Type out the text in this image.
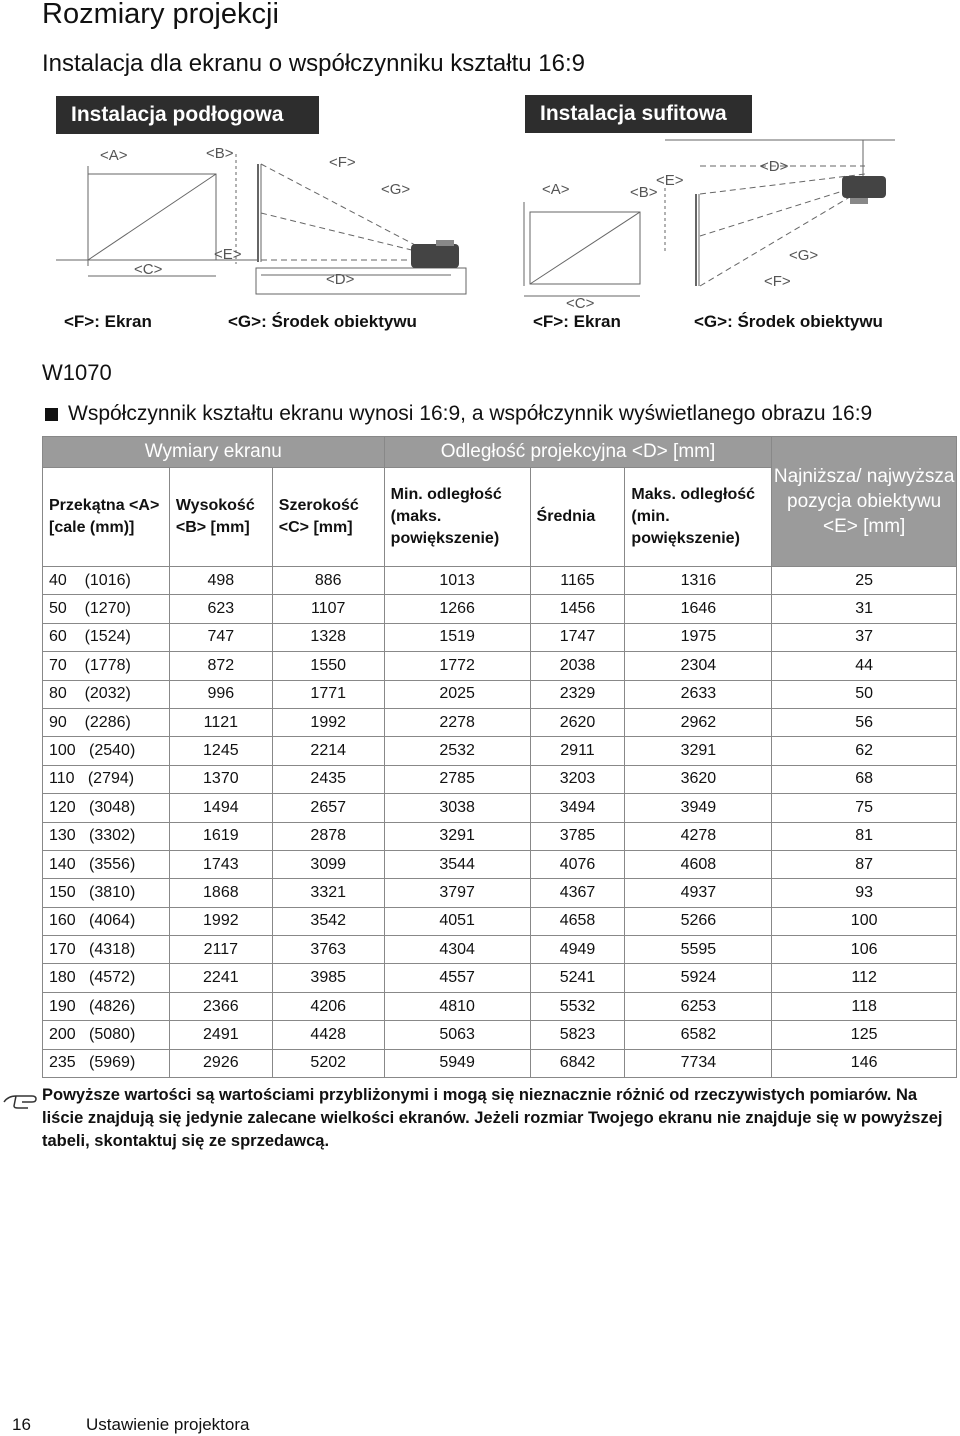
Rozmiary projekcji
Instalacja dla ekranu o współczynniku kształtu 16:9
Instalacja podłogowa	Instalacja sufitowa
<A>	<B>
<F>
<G>
<C>
<E>
<D>
<A>	<B>
<E>
<D>
<G>
<F>
<C>
<F>: Ekran	<G>: Środek obiektywu	<F>: Ekran	<G>: Środek obiektywu
W1070
Współczynnik kształtu ekranu wynosi 16:9, a współczynnik wyświetlanego obrazu 16:9
Wymiary ekranu			Odległość projekcyjna <D> [mm]			Najniższa/ najwyższa pozycja obiektywu <E> [mm]
Przekątna <A> [cale (mm)]	Wysokość <B> [mm]	Szerokość <C> [mm]	Min. odległość (maks. powiększenie)	Średnia	Maks. odległość (min. powiększenie)	
40    (1016)	498	886	1013	1165	1316	25
50    (1270)	623	1107	1266	1456	1646	31
60    (1524)	747	1328	1519	1747	1975	37
70    (1778)	872	1550	1772	2038	2304	44
80    (2032)	996	1771	2025	2329	2633	50
90    (2286)	1121	1992	2278	2620	2962	56
100   (2540)	1245	2214	2532	2911	3291	62
110   (2794)	1370	2435	2785	3203	3620	68
120   (3048)	1494	2657	3038	3494	3949	75
130   (3302)	1619	2878	3291	3785	4278	81
140   (3556)	1743	3099	3544	4076	4608	87
150   (3810)	1868	3321	3797	4367	4937	93
160   (4064)	1992	3542	4051	4658	5266	100
170   (4318)	2117	3763	4304	4949	5595	106
180   (4572)	2241	3985	4557	5241	5924	112
190   (4826)	2366	4206	4810	5532	6253	118
200   (5080)	2491	4428	5063	5823	6582	125
235   (5969)	2926	5202	5949	6842	7734	146
Powyższe wartości są wartościami przybliżonymi i mogą się nieznacznie różnić od rzeczywistych pomiarów. Na liście znajdują się jedynie zalecane wielkości ekranów. Jeżeli rozmiar Twojego ekranu nie znajduje się w powyższej tabeli, skontaktuj się ze sprzedawcą.
16	Ustawienie projektora
